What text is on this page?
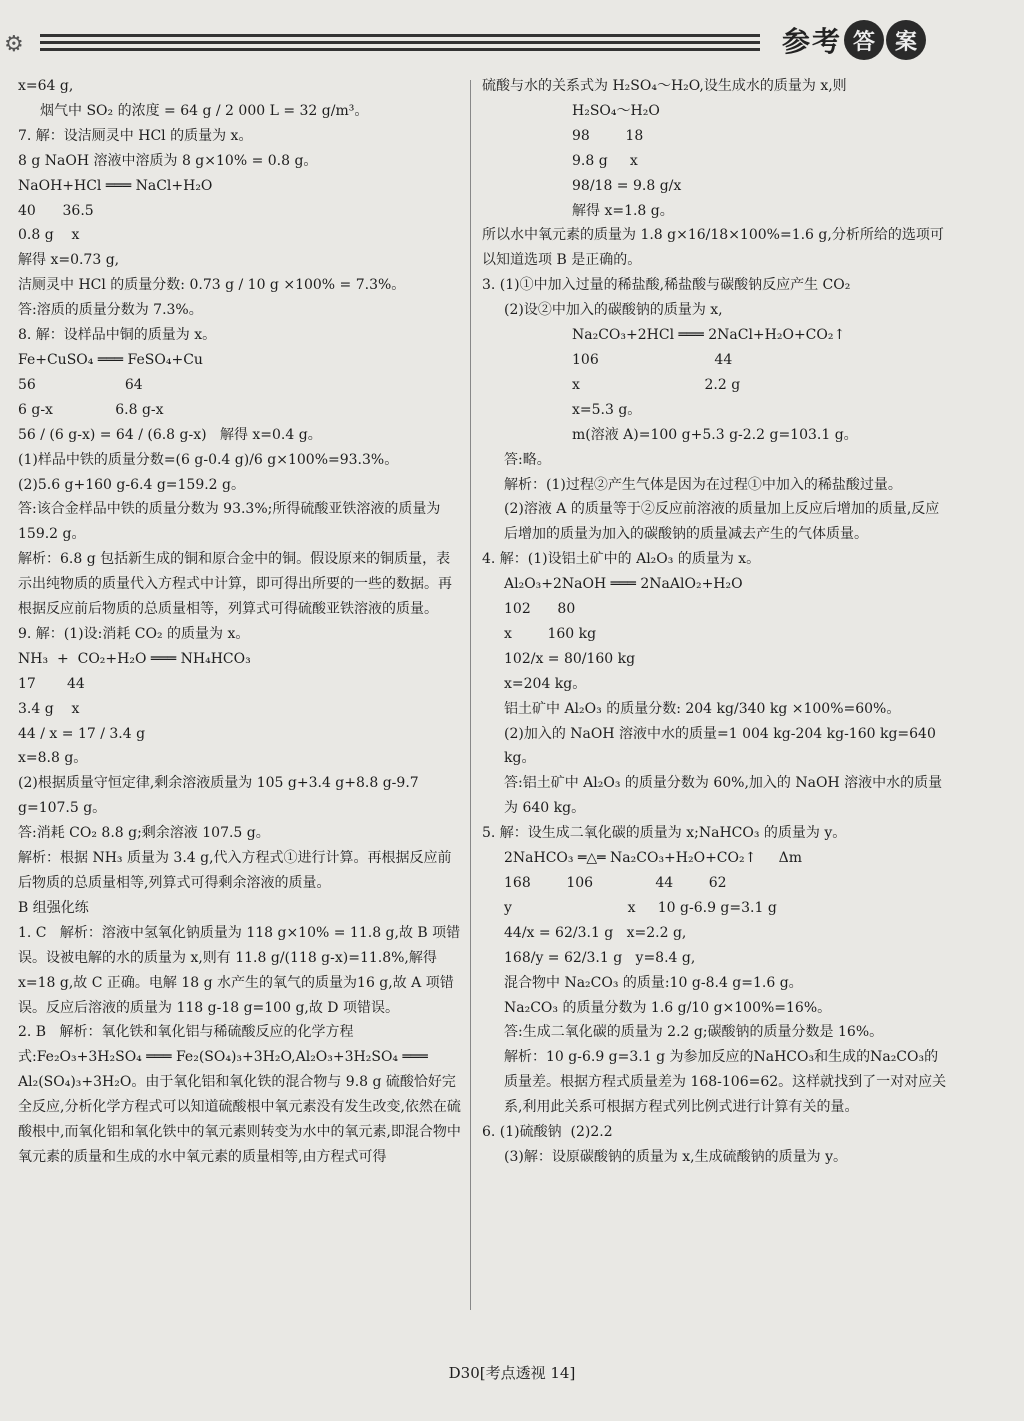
⚙	参考 答 案

x=64 g,

烟气中 SO₂ 的浓度 = 64 g / 2 000 L = 32 g/m³。

7. 解：设洁厕灵中 HCl 的质量为 x。

8 g NaOH 溶液中溶质为 8 g×10% = 0.8 g。

NaOH+HCl ═══ NaCl+H₂O

40      36.5

0.8 g    x

解得 x=0.73 g,

洁厕灵中 HCl 的质量分数: 0.73 g / 10 g ×100% = 7.3%。

答:溶质的质量分数为 7.3%。

8. 解：设样品中铜的质量为 x。

Fe+CuSO₄ ═══ FeSO₄+Cu

56                    64

6 g-x              6.8 g-x

56 / (6 g-x) = 64 / (6.8 g-x)   解得 x=0.4 g。

(1)样品中铁的质量分数=(6 g-0.4 g)/6 g×100%=93.3%。

(2)5.6 g+160 g-6.4 g=159.2 g。

答:该合金样品中铁的质量分数为 93.3%;所得硫酸亚铁溶液的质量为 159.2 g。

解析：6.8 g 包括新生成的铜和原合金中的铜。假设原来的铜质量，表示出纯物质的质量代入方程式中计算，即可得出所要的一些的数据。再根据反应前后物质的总质量相等，列算式可得硫酸亚铁溶液的质量。

9. 解：(1)设:消耗 CO₂ 的质量为 x。

NH₃  +  CO₂+H₂O ═══ NH₄HCO₃

17       44

3.4 g    x

44 / x = 17 / 3.4 g

x=8.8 g。

(2)根据质量守恒定律,剩余溶液质量为 105 g+3.4 g+8.8 g-9.7 g=107.5 g。

答:消耗 CO₂ 8.8 g;剩余溶液 107.5 g。

解析：根据 NH₃ 质量为 3.4 g,代入方程式①进行计算。再根据反应前后物质的总质量相等,列算式可得剩余溶液的质量。

B 组强化练

1. C   解析：溶液中氢氧化钠质量为 118 g×10% = 11.8 g,故 B 项错误。设被电解的水的质量为 x,则有 11.8 g/(118 g-x)=11.8%,解得 x=18 g,故 C 正确。电解 18 g 水产生的氧气的质量为16 g,故 A 项错误。反应后溶液的质量为 118 g-18 g=100 g,故 D 项错误。

2. B   解析：氧化铁和氧化铝与稀硫酸反应的化学方程式:Fe₂O₃+3H₂SO₄ ═══ Fe₂(SO₄)₃+3H₂O,Al₂O₃+3H₂SO₄ ═══ Al₂(SO₄)₃+3H₂O。由于氧化铝和氧化铁的混合物与 9.8 g 硫酸恰好完全反应,分析化学方程式可以知道硫酸根中氧元素没有发生改变,依然在硫酸根中,而氧化铝和氧化铁中的氧元素则转变为水中的氧元素,即混合物中氧元素的质量和生成的水中氧元素的质量相等,由方程式可得

硫酸与水的关系式为 H₂SO₄～H₂O,设生成水的质量为 x,则

H₂SO₄～H₂O

98        18

9.8 g     x

98/18 = 9.8 g/x

解得 x=1.8 g。

所以水中氧元素的质量为 1.8 g×16/18×100%=1.6 g,分析所给的选项可以知道选项 B 是正确的。

3. (1)①中加入过量的稀盐酸,稀盐酸与碳酸钠反应产生 CO₂

(2)设②中加入的碳酸钠的质量为 x,

Na₂CO₃+2HCl ═══ 2NaCl+H₂O+CO₂↑

106                          44

x                            2.2 g

x=5.3 g。

m(溶液 A)=100 g+5.3 g-2.2 g=103.1 g。

答:略。

解析：(1)过程②产生气体是因为在过程①中加入的稀盐酸过量。

(2)溶液 A 的质量等于②反应前溶液的质量加上反应后增加的质量,反应后增加的质量为加入的碳酸钠的质量减去产生的气体质量。

4. 解：(1)设铝土矿中的 Al₂O₃ 的质量为 x。

Al₂O₃+2NaOH ═══ 2NaAlO₂+H₂O

102      80

x        160 kg

102/x = 80/160 kg

x=204 kg。

铝土矿中 Al₂O₃ 的质量分数: 204 kg/340 kg ×100%=60%。

(2)加入的 NaOH 溶液中水的质量=1 004 kg-204 kg-160 kg=640 kg。

答:铝土矿中 Al₂O₃ 的质量分数为 60%,加入的 NaOH 溶液中水的质量为 640 kg。

5. 解：设生成二氧化碳的质量为 x;NaHCO₃ 的质量为 y。

2NaHCO₃ ═△═ Na₂CO₃+H₂O+CO₂↑     Δm

168        106              44        62

y                          x     10 g-6.9 g=3.1 g

44/x = 62/3.1 g   x=2.2 g,

168/y = 62/3.1 g   y=8.4 g,

混合物中 Na₂CO₃ 的质量:10 g-8.4 g=1.6 g。

Na₂CO₃ 的质量分数为 1.6 g/10 g×100%=16%。

答:生成二氧化碳的质量为 2.2 g;碳酸钠的质量分数是 16%。

解析：10 g-6.9 g=3.1 g 为参加反应的NaHCO₃和生成的Na₂CO₃的质量差。根据方程式质量差为 168-106=62。这样就找到了一对对应关系,利用此关系可根据方程式列比例式进行计算有关的量。

6. (1)硫酸钠  (2)2.2

(3)解：设原碳酸钠的质量为 x,生成硫酸钠的质量为 y。

D30[考点透视 14]
